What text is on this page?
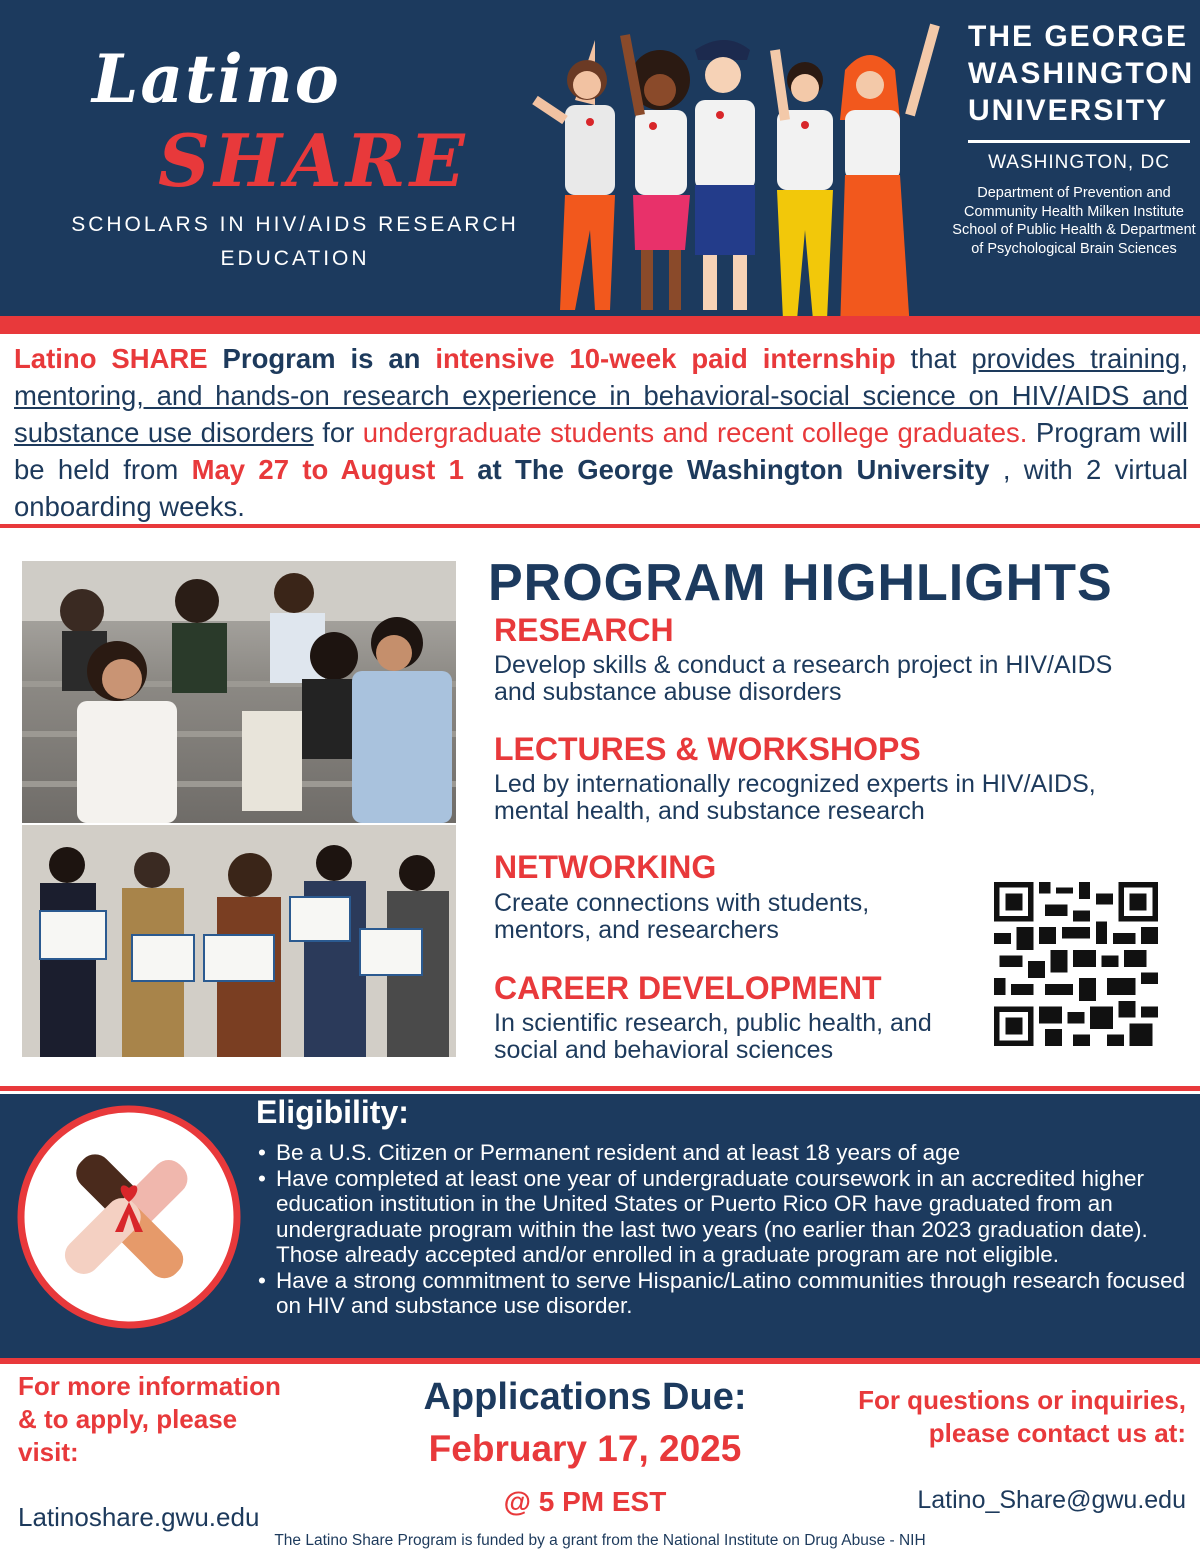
Latino
SHARE
SCHOLARS IN HIV/AIDS RESEARCH EDUCATION
THE GEORGE WASHINGTON UNIVERSITY
WASHINGTON, DC
Department of Prevention and Community Health Milken Institute School of Public Health & Department of Psychological Brain Sciences
Latino SHARE Program is an intensive 10-week paid internship that provides training, mentoring, and hands-on research experience in behavioral-social science on HIV/AIDS and substance use disorders for undergraduate students and recent college graduates. Program will be held from May 27 to August 1 at The George Washington University , with 2 virtual onboarding weeks.
PROGRAM HIGHLIGHTS
RESEARCH
Develop skills & conduct a research project in HIV/AIDS and substance abuse disorders
LECTURES & WORKSHOPS
Led by internationally recognized experts in HIV/AIDS, mental health, and substance research
NETWORKING
Create connections with students, mentors, and researchers
CAREER DEVELOPMENT
In scientific research, public health, and social and behavioral sciences
Eligibility:
• Be a U.S. Citizen or Permanent resident and at least 18 years of age
• Have completed at least one year of undergraduate coursework in an accredited higher education institution in the United States or Puerto Rico OR have graduated from an undergraduate program within the last two years (no earlier than 2023 graduation date). Those already accepted and/or enrolled in a graduate program are not eligible.
• Have a strong commitment to serve Hispanic/Latino communities through research focused on HIV and substance use disorder.
For more information & to apply, please visit:
Latinoshare.gwu.edu
Applications Due:
February 17, 2025
@ 5 PM EST
For questions or inquiries, please contact us at:
Latino_Share@gwu.edu
The Latino Share Program is funded by a grant from the National Institute on Drug Abuse - NIH
